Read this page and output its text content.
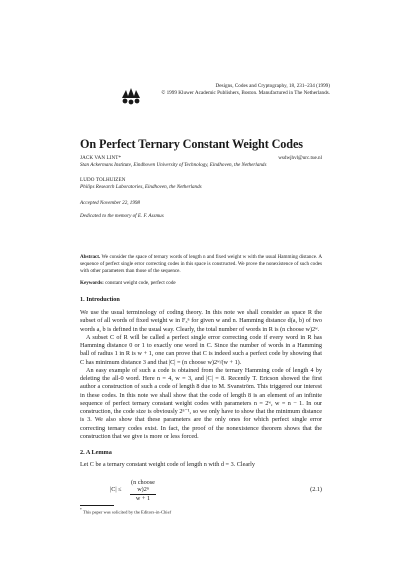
Designs, Codes and Cryptography, 18, 231–234 (1999)
© 1999 Kluwer Academic Publishers, Boston. Manufactured in The Netherlands.
On Perfect Ternary Constant Weight Codes
JACK VAN LINT*	wsdwjhvl@urc.tue.nl
Stan Ackermans Institute, Eindhoven University of Technology, Eindhoven, the Netherlands
LUDO TOLHUIZEN
Philips Research Laboratories, Eindhoven, the Netherlands
Accepted November 22, 1998
Dedicated to the memory of E. F. Assmus
Abstract. We consider the space of ternary words of length n and fixed weight w with the usual Hamming distance. A sequence of perfect single error correcting codes in this space is constructed. We prove the nonexistence of such codes with other parameters than those of the sequence.
Keywords: constant weight code, perfect code
1. Introduction

We use the usual terminology of coding theory. In this note we shall consider as space R the subset of all words of fixed weight w in F₃ⁿ for given w and n. Hamming distance d(a, b) of two words a, b is defined in the usual way. Clearly, the total number of words in R is (n choose w)2ʷ.

A subset C of R will be called a perfect single error correcting code if every word in R has Hamming distance 0 or 1 to exactly one word in C. Since the number of words in a Hamming ball of radius 1 in R is w + 1, one can prove that C is indeed such a perfect code by showing that C has minimum distance 3 and that |C| = (n choose w)2ʷ/(w + 1).

An easy example of such a code is obtained from the ternary Hamming code of length 4 by deleting the all-0 word. Here n = 4, w = 3, and |C| = 8. Recently T. Ericson showed the first author a construction of such a code of length 8 due to M. Svanström. This triggered our interest in these codes. In this note we shall show that the code of length 8 is an element of an infinite sequence of perfect ternary constant weight codes with parameters n = 2ʷ, w = n − 1. In our construction, the code size is obviously 2ⁿ⁻¹, so we only have to show that the minimum distance is 3. We also show that these parameters are the only ones for which perfect single error correcting ternary codes exist. In fact, the proof of the nonexistence theorem shows that the construction that we give is more or less forced.

2. A Lemma

Let C be a ternary constant weight code of length n with d = 3. Clearly

|C| ≤
(n choose w)2ⁿ
w + 1
(2.1)
* This paper was solicited by the Editors-in-Chief
